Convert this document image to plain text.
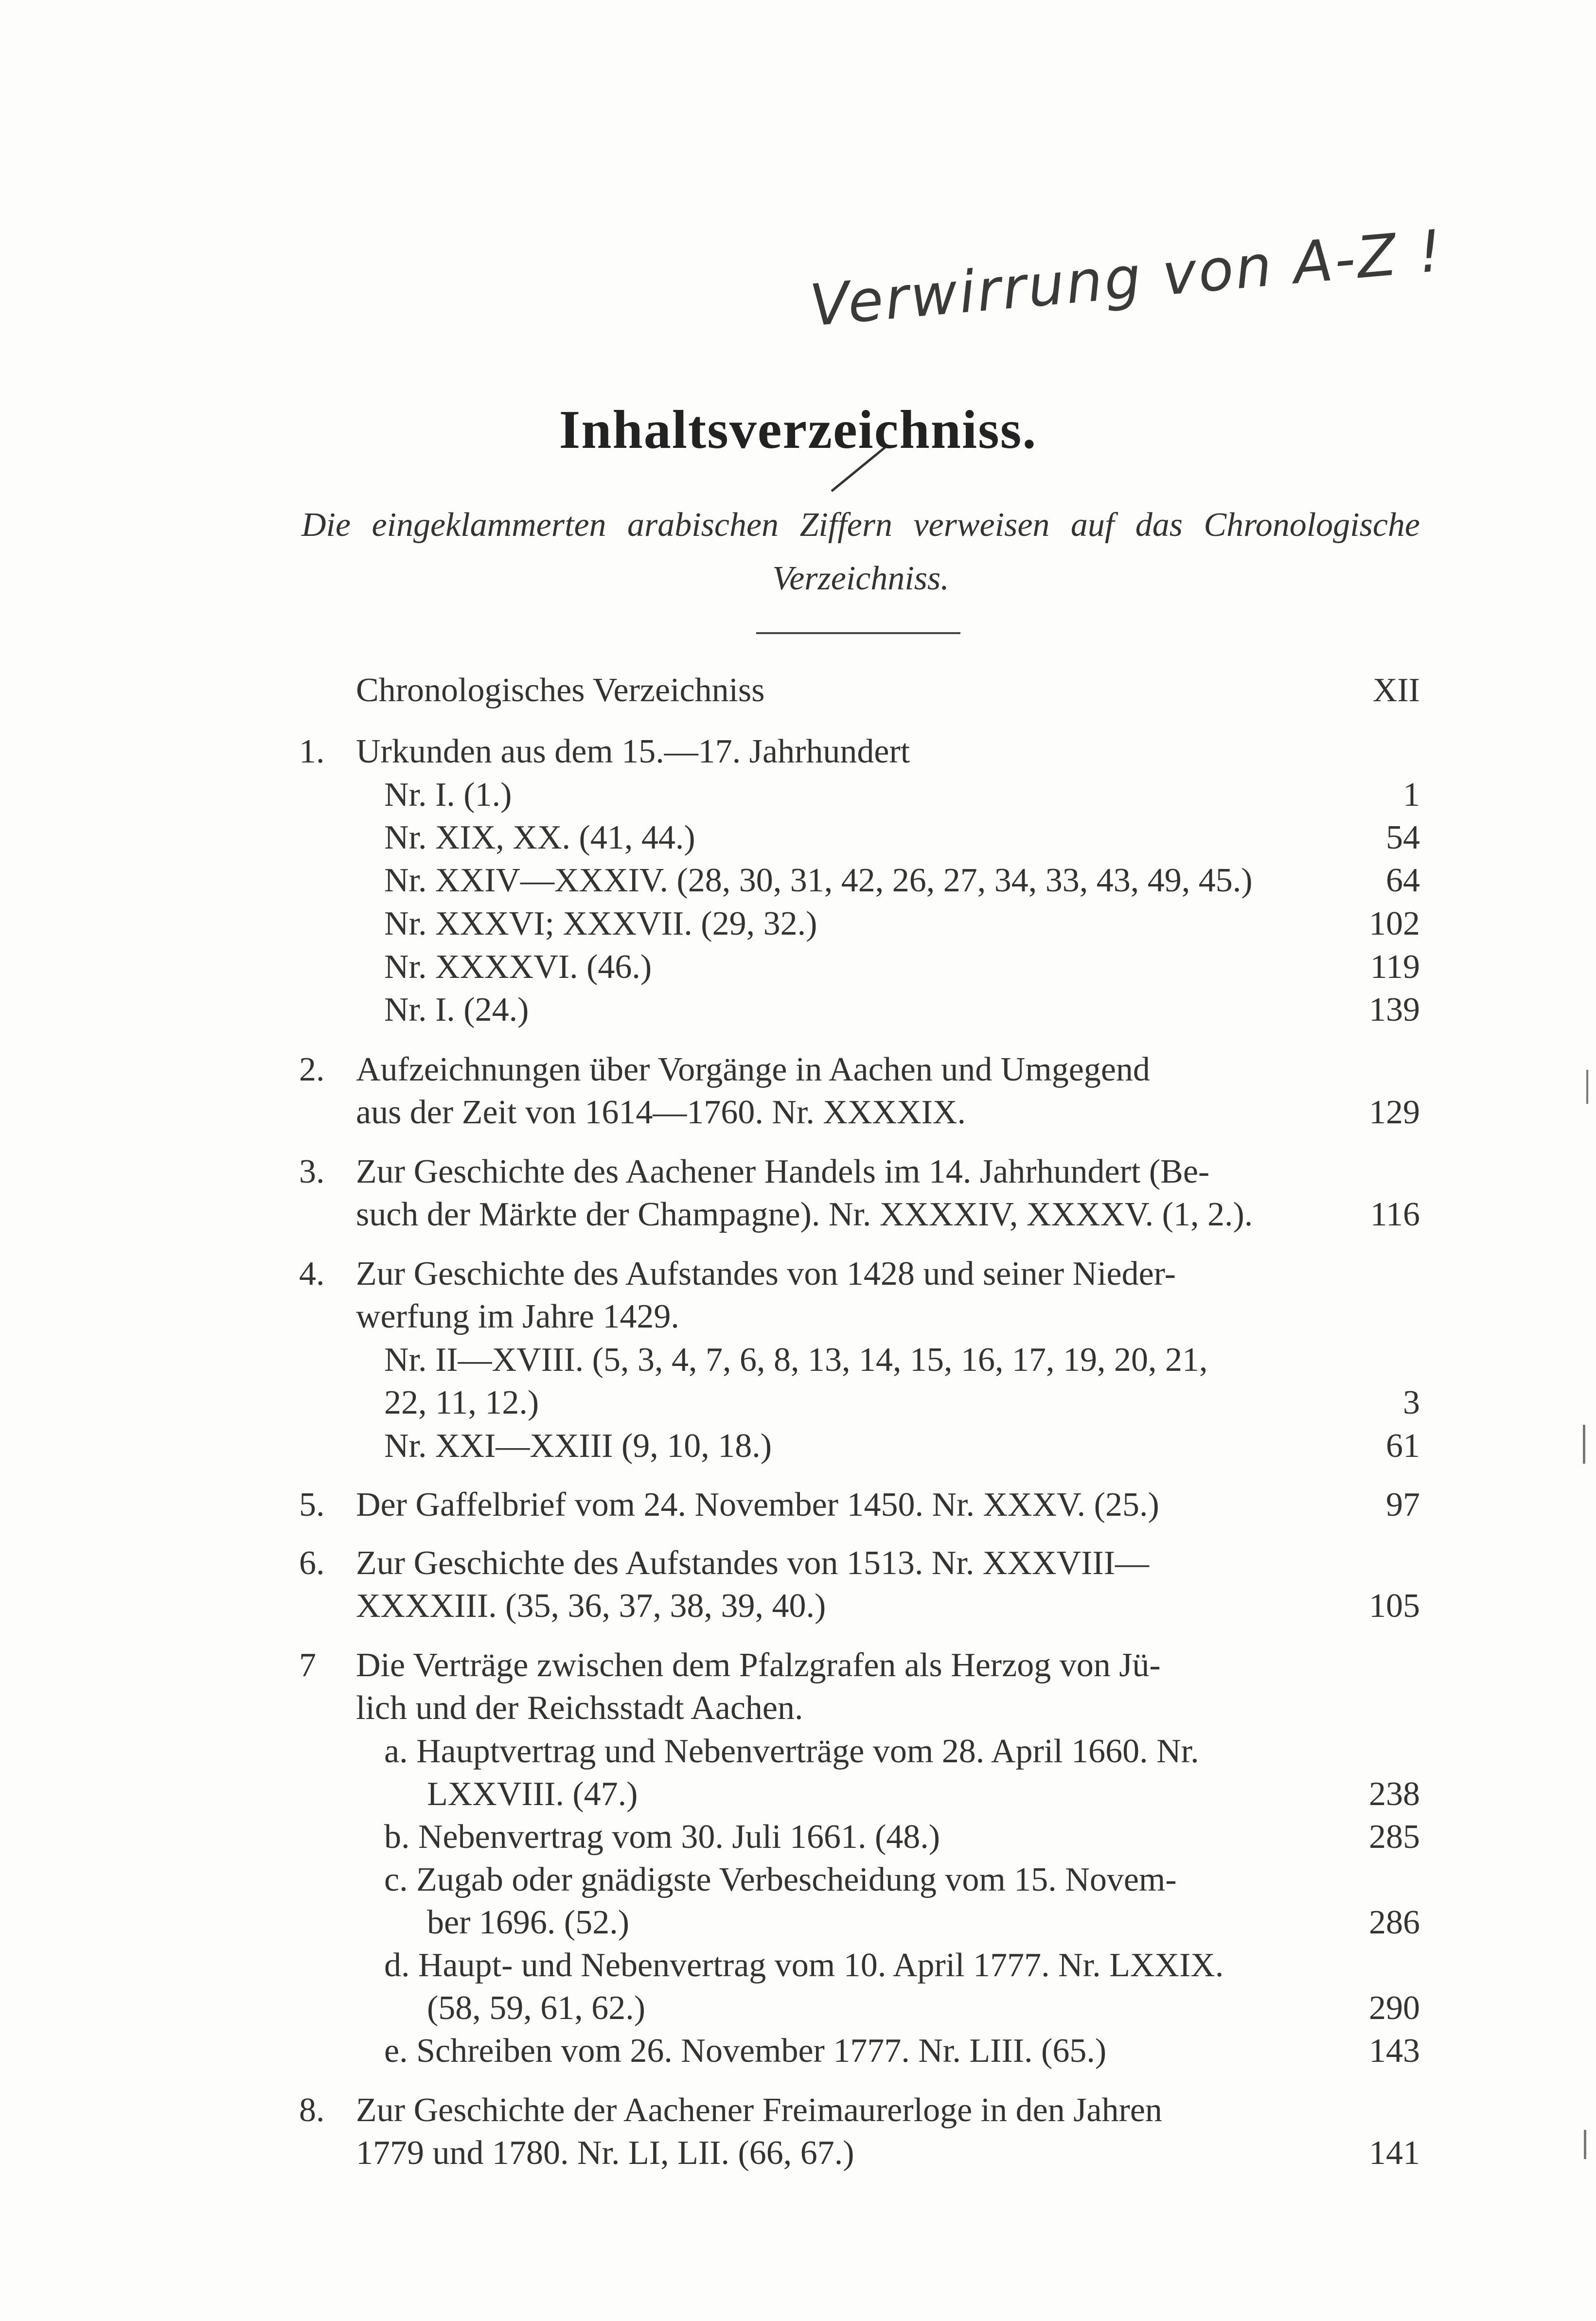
Verwirrung von A-Z !
Inhaltsverzeichniss.
Die eingeklammerten arabischen Ziffern verweisen auf das Chronologische Verzeichniss.
Chronologisches Verzeichniss	XII
1. Urkunden aus dem 15.—17. Jahrhundert
Nr. I. (1.)	1
Nr. XIX, XX. (41, 44.)	54
Nr. XXIV—XXXIV. (28, 30, 31, 42, 26, 27, 34, 33, 43, 49, 45.)	64
Nr. XXXVI; XXXVII. (29, 32.)	102
Nr. XXXXVI. (46.)	119
Nr. I. (24.)	139
2. Aufzeichnungen über Vorgänge in Aachen und Umgegend
aus der Zeit von 1614—1760. Nr. XXXXIX.	129
3. Zur Geschichte des Aachener Handels im 14. Jahrhundert (Be-
such der Märkte der Champagne). Nr. XXXXIV, XXXXV. (1, 2.).	116
4. Zur Geschichte des Aufstandes von 1428 und seiner Nieder-
werfung im Jahre 1429.
Nr. II—XVIII. (5, 3, 4, 7, 6, 8, 13, 14, 15, 16, 17, 19, 20, 21,
22, 11, 12.)	3
Nr. XXI—XXIII (9, 10, 18.)	61
5. Der Gaffelbrief vom 24. November 1450. Nr. XXXV. (25.)	97
6. Zur Geschichte des Aufstandes von 1513. Nr. XXXVIII—
XXXXIII. (35, 36, 37, 38, 39, 40.)	105
7 Die Verträge zwischen dem Pfalzgrafen als Herzog von Jü-
lich und der Reichsstadt Aachen.
a. Hauptvertrag und Nebenverträge vom 28. April 1660. Nr.
LXXVIII. (47.)	238
b. Nebenvertrag vom 30. Juli 1661. (48.)	285
c. Zugab oder gnädigste Verbescheidung vom 15. Novem-
ber 1696. (52.)	286
d. Haupt- und Nebenvertrag vom 10. April 1777. Nr. LXXIX.
(58, 59, 61, 62.)	290
e. Schreiben vom 26. November 1777. Nr. LIII. (65.)	143
8. Zur Geschichte der Aachener Freimaurerloge in den Jahren
1779 und 1780. Nr. LI, LII. (66, 67.)	141
